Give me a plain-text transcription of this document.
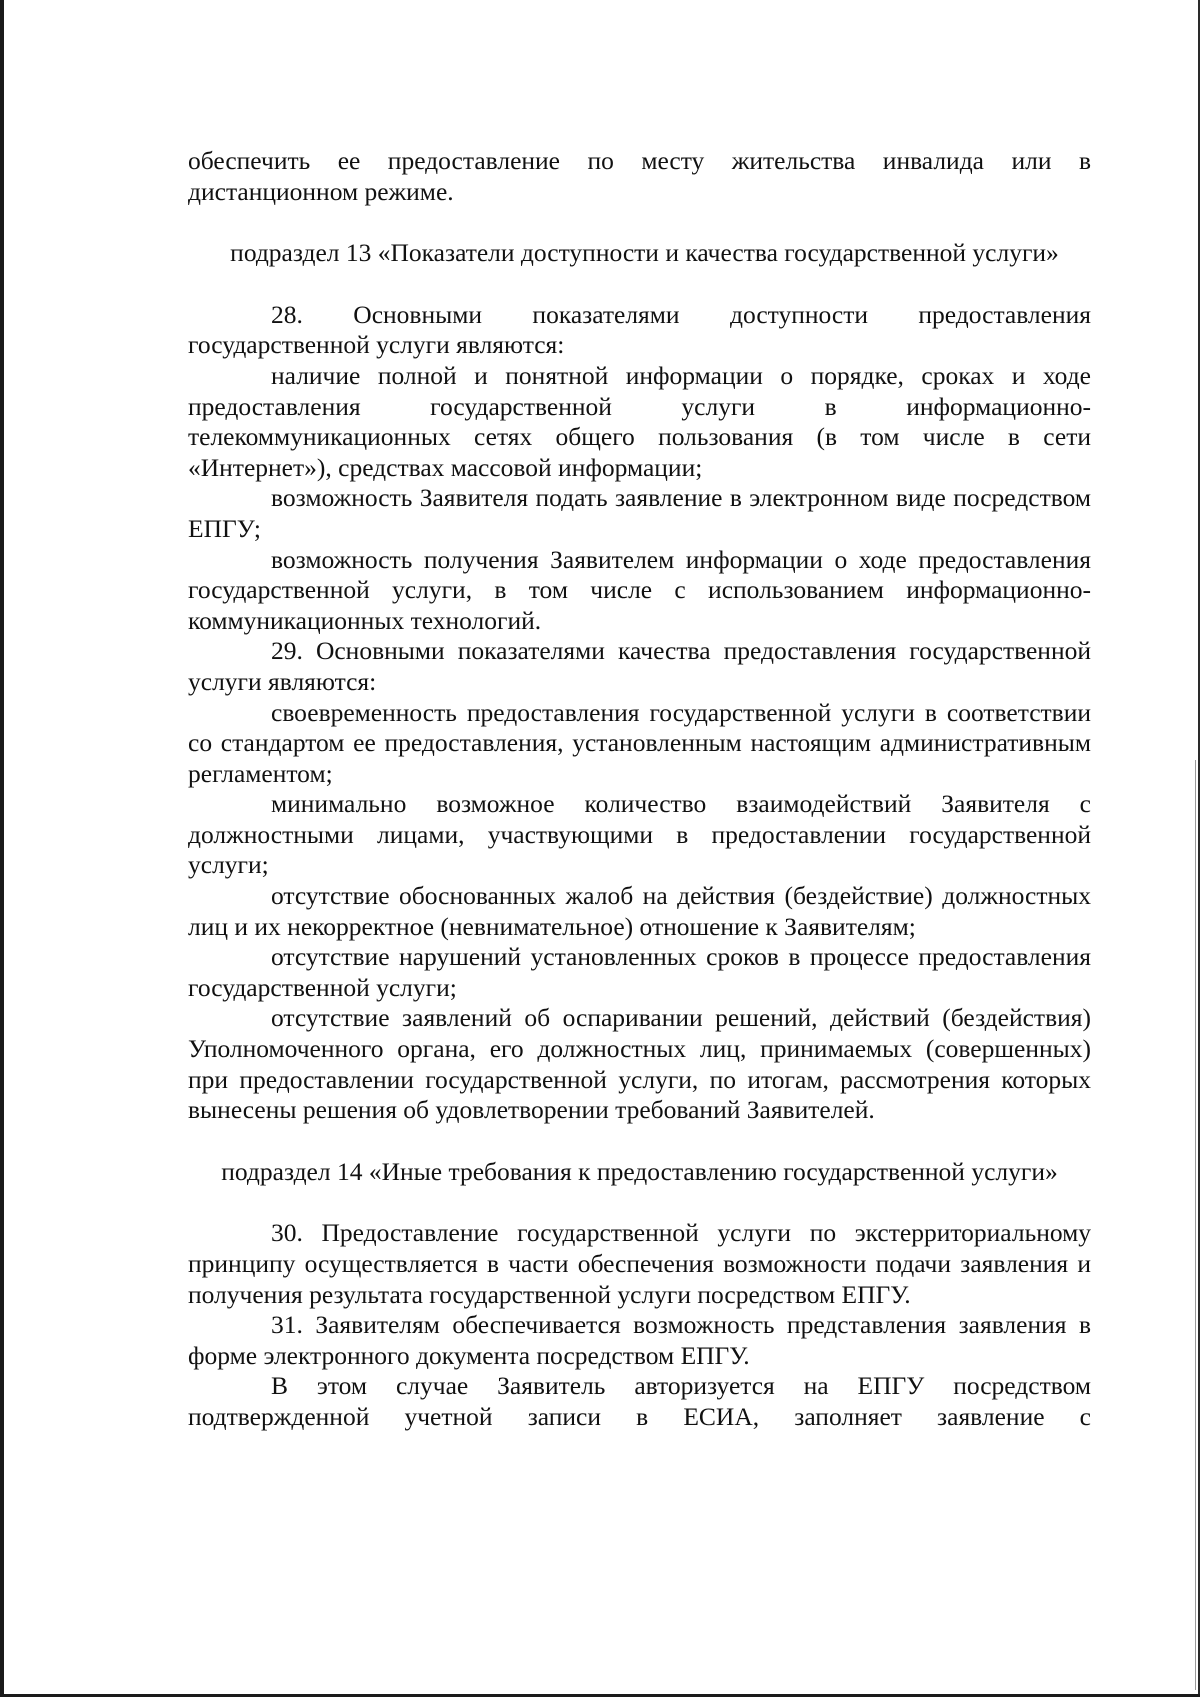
обеспечить ее предоставление по месту жительства инвалида или в дистанционном режиме.

подраздел 13 «Показатели доступности и качества государственной услуги»

28. Основными показателями доступности предоставления государственной услуги являются:

наличие полной и понятной информации о порядке, сроках и ходе предоставления государственной услуги в информационно-телекоммуникационных сетях общего пользования (в том числе в сети «Интернет»), средствах массовой информации;

возможность Заявителя подать заявление в электронном виде посредством ЕПГУ;

возможность получения Заявителем информации о ходе предоставления государственной услуги, в том числе с использованием информационно-коммуникационных технологий.

29. Основными показателями качества предоставления государственной услуги являются:

своевременность предоставления государственной услуги в соответствии со стандартом ее предоставления, установленным настоящим административным регламентом;

минимально возможное количество взаимодействий Заявителя с должностными лицами, участвующими в предоставлении государственной услуги;

отсутствие обоснованных жалоб на действия (бездействие) должностных лиц и их некорректное (невнимательное) отношение к Заявителям;

отсутствие нарушений установленных сроков в процессе предоставления государственной услуги;

отсутствие заявлений об оспаривании решений, действий (бездействия) Уполномоченного органа, его должностных лиц, принимаемых (совершенных) при предоставлении государственной услуги, по итогам, рассмотрения которых вынесены решения об удовлетворении требований Заявителей.

подраздел 14 «Иные требования к предоставлению государственной услуги»

30. Предоставление государственной услуги по экстерриториальному принципу осуществляется в части обеспечения возможности подачи заявления и получения результата государственной услуги посредством ЕПГУ.

31. Заявителям обеспечивается возможность представления заявления в форме электронного документа посредством ЕПГУ.

В этом случае Заявитель авторизуется на ЕПГУ посредством подтвержденной учетной записи в ЕСИА, заполняет заявление с
